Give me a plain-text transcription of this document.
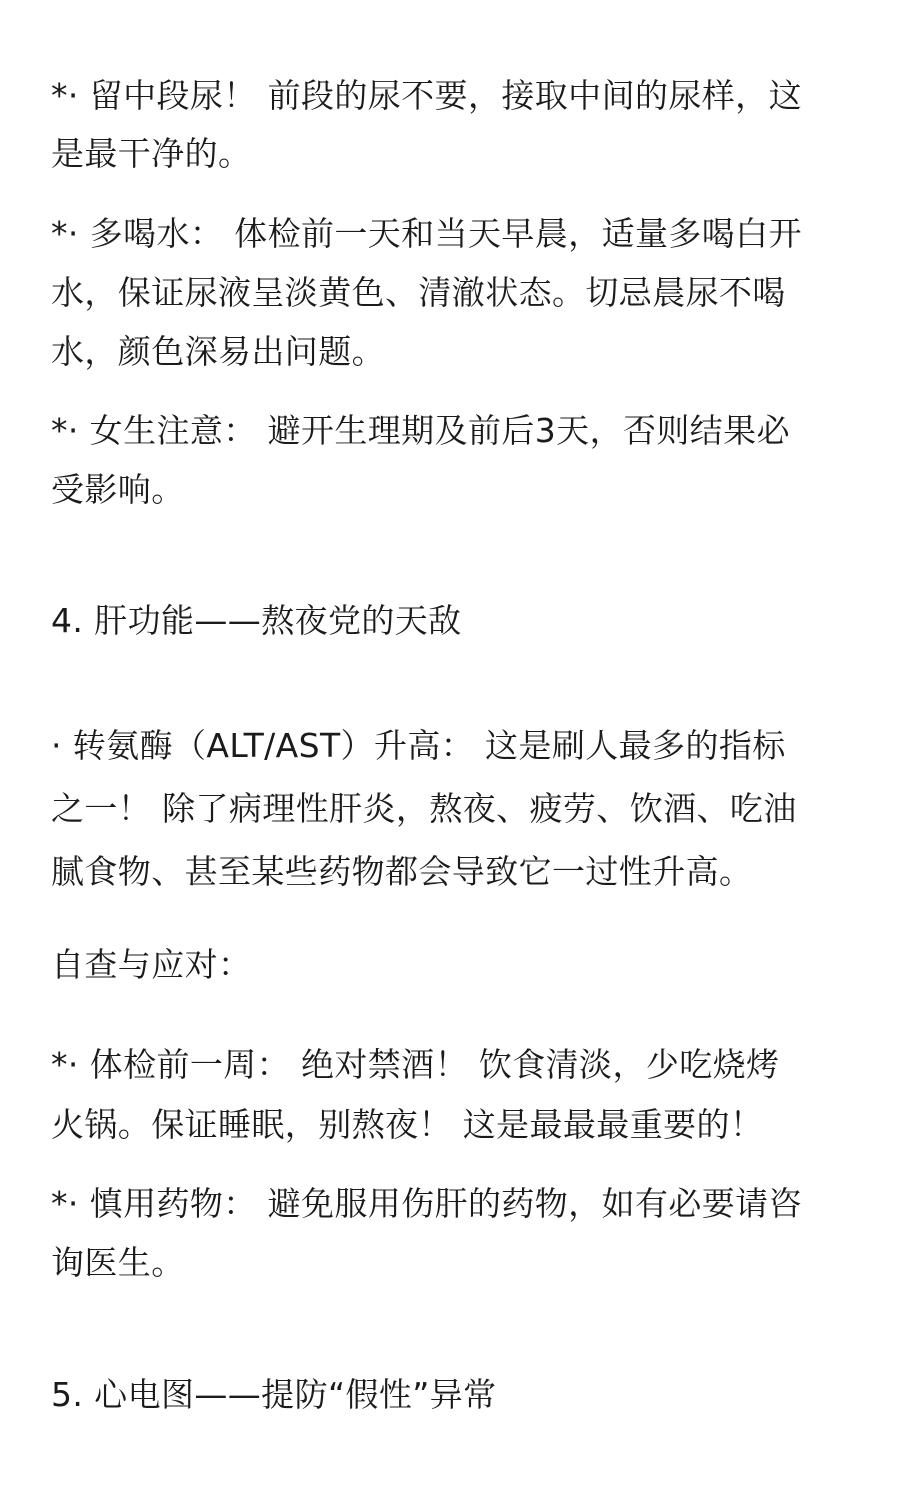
*· 留中段尿！ 前段的尿不要，接取中间的尿样，这
是最干净的。
*· 多喝水： 体检前一天和当天早晨，适量多喝白开
水，保证尿液呈淡黄色、清澈状态。切忌晨尿不喝
水，颜色深易出问题。
*· 女生注意： 避开生理期及前后3天，否则结果必
受影响。
4. 肝功能——熬夜党的天敌
· 转氨酶（ALT/AST）升高： 这是刷人最多的指标
之一！ 除了病理性肝炎，熬夜、疲劳、饮酒、吃油
腻食物、甚至某些药物都会导致它一过性升高。
自查与应对：
*· 体检前一周： 绝对禁酒！ 饮食清淡，少吃烧烤
火锅。保证睡眠，别熬夜！ 这是最最最重要的！
*· 慎用药物： 避免服用伤肝的药物，如有必要请咨
询医生。
5. 心电图——提防“假性”异常
